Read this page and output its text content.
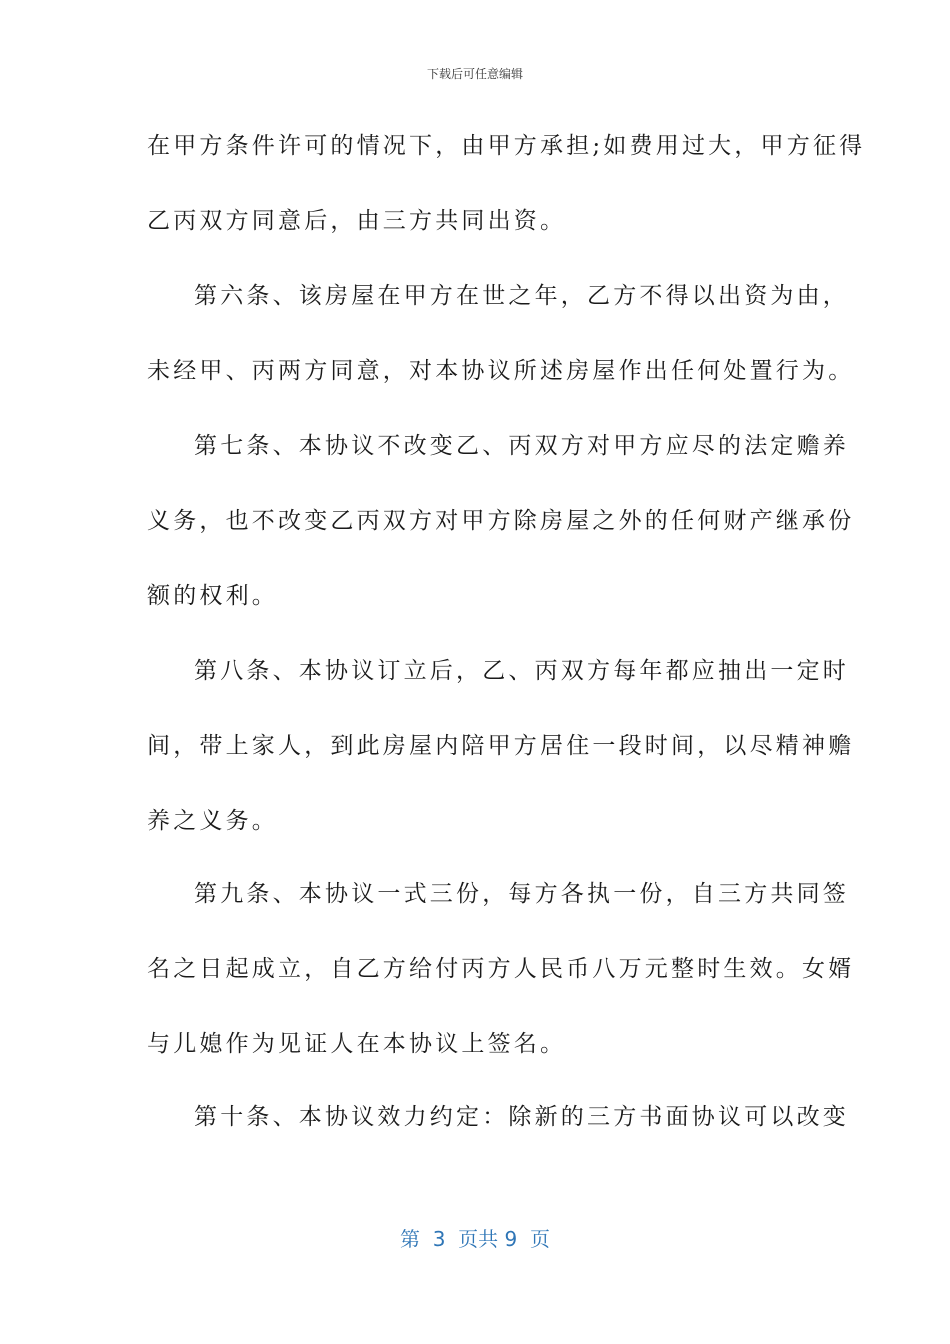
下载后可任意编辑
在甲方条件许可的情况下，由甲方承担;如费用过大，甲方征得
乙丙双方同意后，由三方共同出资。
第六条、该房屋在甲方在世之年，乙方不得以出资为由，
未经甲、丙两方同意，对本协议所述房屋作出任何处置行为。
第七条、本协议不改变乙、丙双方对甲方应尽的法定赡养
义务，也不改变乙丙双方对甲方除房屋之外的任何财产继承份
额的权利。
第八条、本协议订立后，乙、丙双方每年都应抽出一定时
间，带上家人，到此房屋内陪甲方居住一段时间，以尽精神赡
养之义务。
第九条、本协议一式三份，每方各执一份，自三方共同签
名之日起成立，自乙方给付丙方人民币八万元整时生效。女婿
与儿媳作为见证人在本协议上签名。
第十条、本协议效力约定：除新的三方书面协议可以改变
第  3  页共 9  页
